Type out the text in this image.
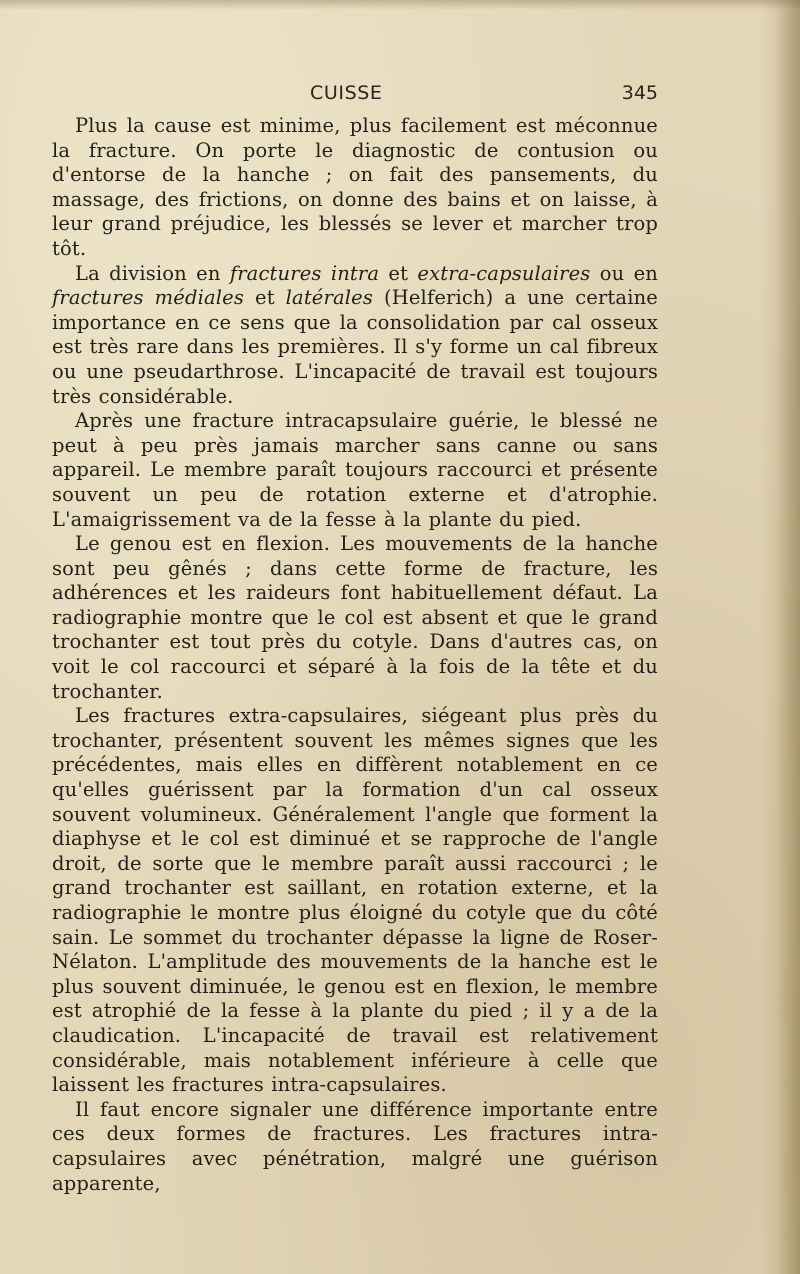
CUISSE	345

Plus la cause est minime, plus facilement est méconnue la fracture. On porte le diagnostic de contusion ou d'entorse de la hanche ; on fait des pansements, du massage, des frictions, on donne des bains et on laisse, à leur grand préjudice, les blessés se lever et marcher trop tôt.

La division en fractures intra et extra-capsulaires ou en fractures médiales et latérales (Helferich) a une certaine importance en ce sens que la consolidation par cal osseux est très rare dans les premières. Il s'y forme un cal fibreux ou une pseudarthrose. L'incapacité de travail est toujours très considérable.

Après une fracture intracapsulaire guérie, le blessé ne peut à peu près jamais marcher sans canne ou sans appareil. Le membre paraît toujours raccourci et présente souvent un peu de rotation externe et d'atrophie. L'amaigrissement va de la fesse à la plante du pied.

Le genou est en flexion. Les mouvements de la hanche sont peu gênés ; dans cette forme de fracture, les adhérences et les raideurs font habituellement défaut. La radiographie montre que le col est absent et que le grand trochanter est tout près du cotyle. Dans d'autres cas, on voit le col raccourci et séparé à la fois de la tête et du trochanter.

Les fractures extra-capsulaires, siégeant plus près du trochanter, présentent souvent les mêmes signes que les précédentes, mais elles en diffèrent notablement en ce qu'elles guérissent par la formation d'un cal osseux souvent volumineux. Généralement l'angle que forment la diaphyse et le col est diminué et se rapproche de l'angle droit, de sorte que le membre paraît aussi raccourci ; le grand trochanter est saillant, en rotation externe, et la radiographie le montre plus éloigné du cotyle que du côté sain. Le sommet du trochanter dépasse la ligne de Roser-Nélaton. L'amplitude des mouvements de la hanche est le plus souvent diminuée, le genou est en flexion, le membre est atrophié de la fesse à la plante du pied ; il y a de la claudication. L'incapacité de travail est relativement considérable, mais notablement inférieure à celle que laissent les fractures intra-capsulaires.

Il faut encore signaler une différence importante entre ces deux formes de fractures. Les fractures intra-capsulaires avec pénétration, malgré une guérison apparente,
